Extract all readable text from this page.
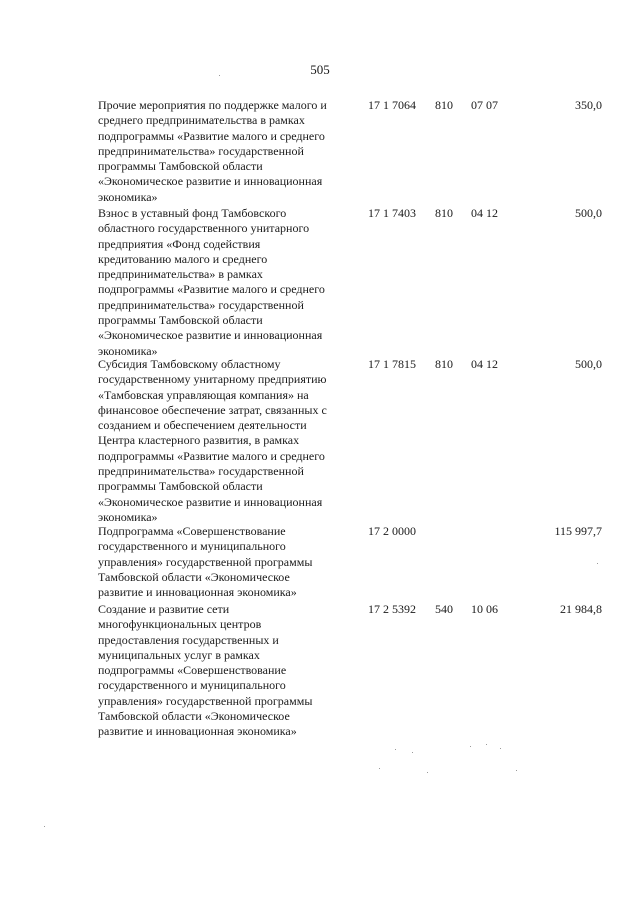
505
Прочие мероприятия по поддержке малого и
среднего предпринимательства в рамках
подпрограммы «Развитие малого и среднего
предпринимательства» государственной
программы Тамбовской области
«Экономическое развитие и инновационная
экономика»
17 1 7064 810 07 07	350,0
Взнос в уставный фонд Тамбовского
областного государственного унитарного
предприятия «Фонд содействия
кредитованию малого и среднего
предпринимательства» в рамках
подпрограммы «Развитие малого и среднего
предпринимательства» государственной
программы Тамбовской области
«Экономическое развитие и инновационная
экономика»
17 1 7403 810 04 12	500,0
Субсидия Тамбовскому областному
государственному унитарному предприятию
«Тамбовская управляющая компания» на
финансовое обеспечение затрат, связанных с
созданием и обеспечением деятельности
Центра кластерного развития, в рамках
подпрограммы «Развитие малого и среднего
предпринимательства» государственной
программы Тамбовской области
«Экономическое развитие и инновационная
экономика»
17 1 7815 810 04 12	500,0
Подпрограмма «Совершенствование
государственного и муниципального
управления» государственной программы
Тамбовской области «Экономическое
развитие и инновационная экономика»
17 2 0000	115 997,7
Создание и развитие сети
многофункциональных центров
предоставления государственных и
муниципальных услуг в рамках
подпрограммы «Совершенствование
государственного и муниципального
управления» государственной программы
Тамбовской области «Экономическое
развитие и инновационная экономика»
17 2 5392 540 10 06	21 984,8
